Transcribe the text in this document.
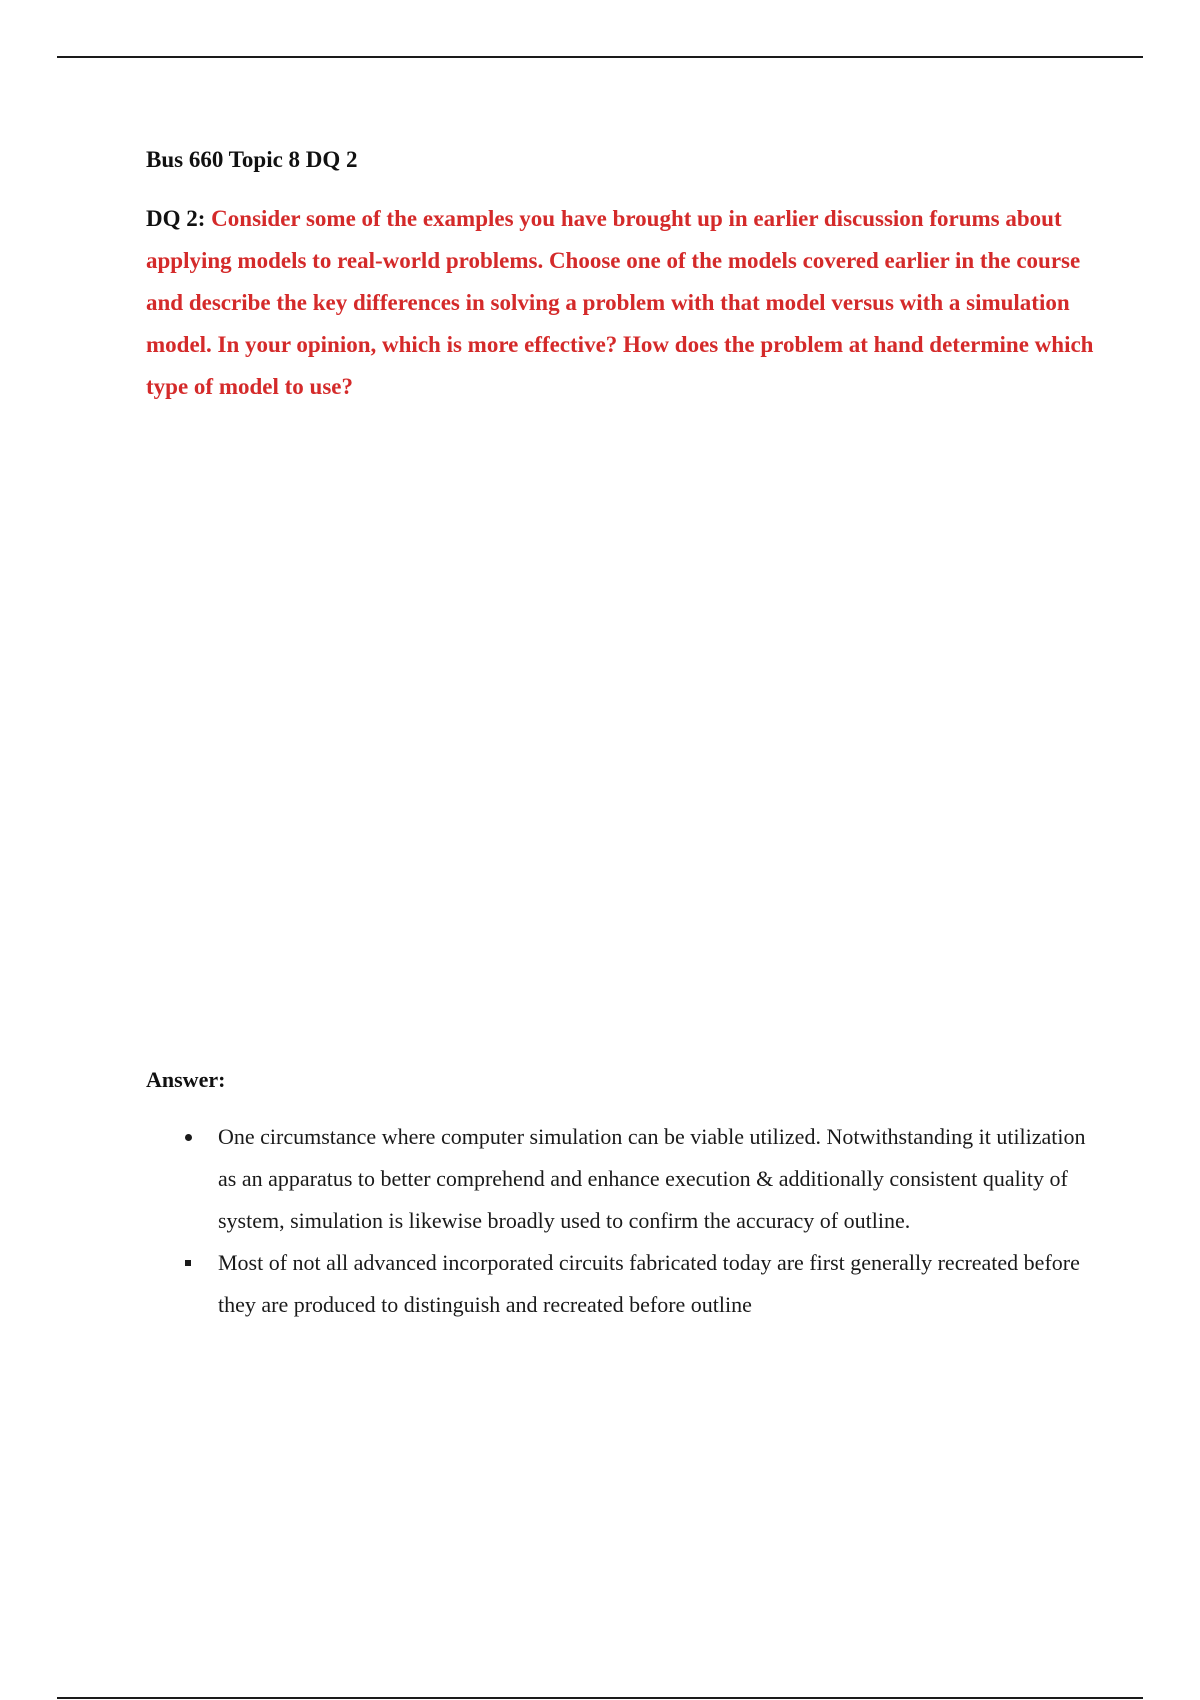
Bus 660 Topic 8 DQ 2

DQ 2: Consider some of the examples you have brought up in earlier discussion forums about applying models to real-world problems. Choose one of the models covered earlier in the course and describe the key differences in solving a problem with that model versus with a simulation model. In your opinion, which is more effective? How does the problem at hand determine which type of model to use?

Answer:
One circumstance where computer simulation can be viable utilized. Notwithstanding it utilization as an apparatus to better comprehend and enhance execution & additionally consistent quality of system, simulation is likewise broadly used to confirm the accuracy of outline.
Most of not all advanced incorporated circuits fabricated today are first generally recreated before they are produced to distinguish and recreated before outline
